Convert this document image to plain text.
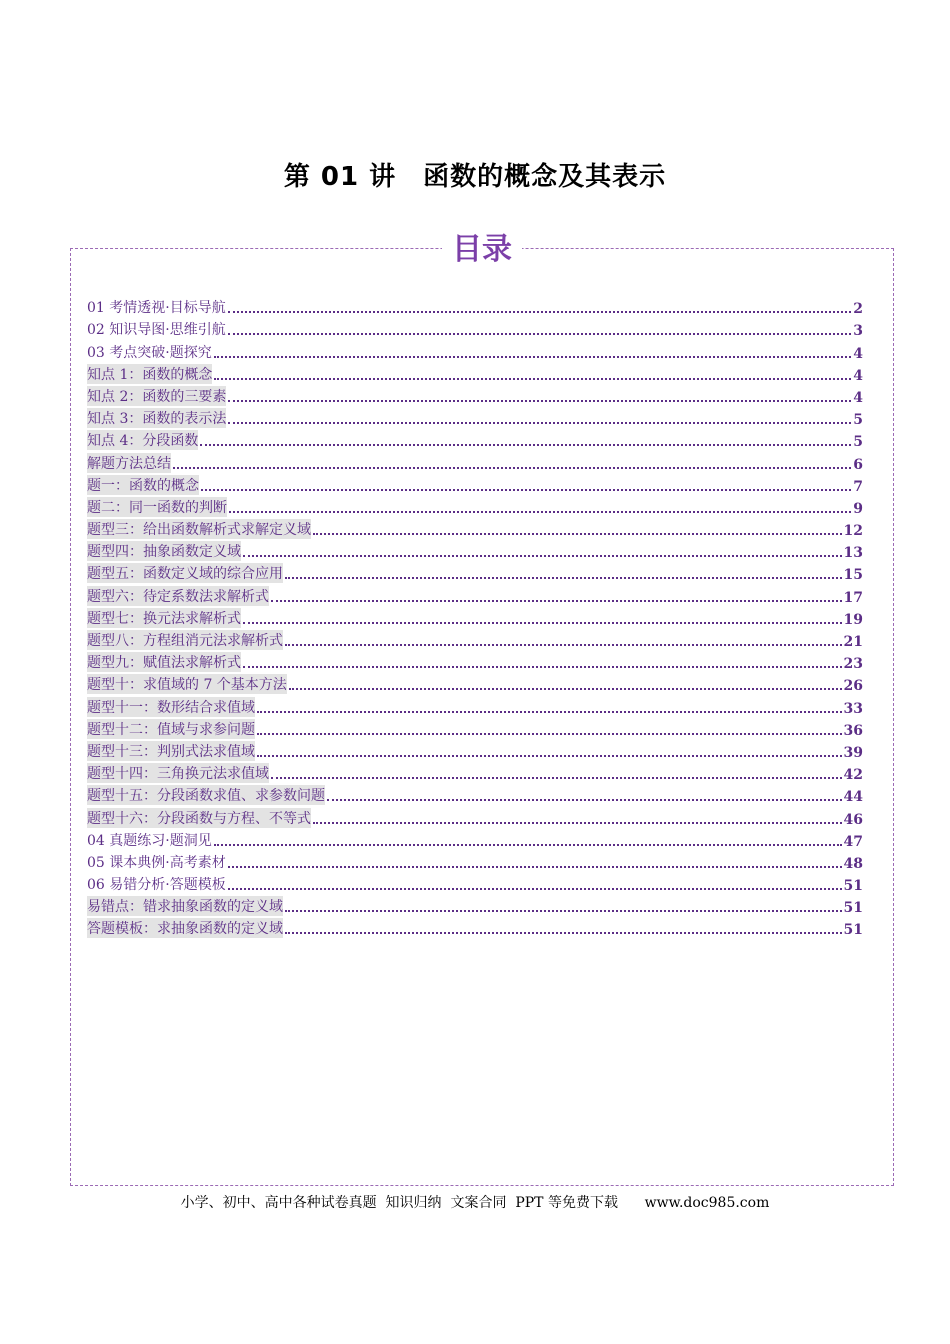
第 01 讲　函数的概念及其表示
目录
01 考情透视·目标导航	2
02 知识导图·思维引航	3
03 考点突破·题探究	4
知点 1：函数的概念	4
知点 2：函数的三要素	4
知点 3：函数的表示法	5
知点 4：分段函数	5
解题方法总结	6
题一：函数的概念	7
题二：同一函数的判断	9
题型三：给出函数解析式求解定义域	12
题型四：抽象函数定义域	13
题型五：函数定义域的综合应用	15
题型六：待定系数法求解析式	17
题型七：换元法求解析式	19
题型八：方程组消元法求解析式	21
题型九：赋值法求解析式	23
题型十：求值域的 7 个基本方法	26
题型十一：数形结合求值域	33
题型十二：值域与求参问题	36
题型十三：判别式法求值域	39
题型十四：三角换元法求值域	42
题型十五：分段函数求值、求参数问题	44
题型十六：分段函数与方程、不等式	46
04 真题练习·题洞见	47
05 课本典例·高考素材	48
06 易错分析·答题模板	51
易错点：错求抽象函数的定义域	51
答题模板：求抽象函数的定义域	51
小学、初中、高中各种试卷真题  知识归纳  文案合同  PPT 等免费下载      www.doc985.com
